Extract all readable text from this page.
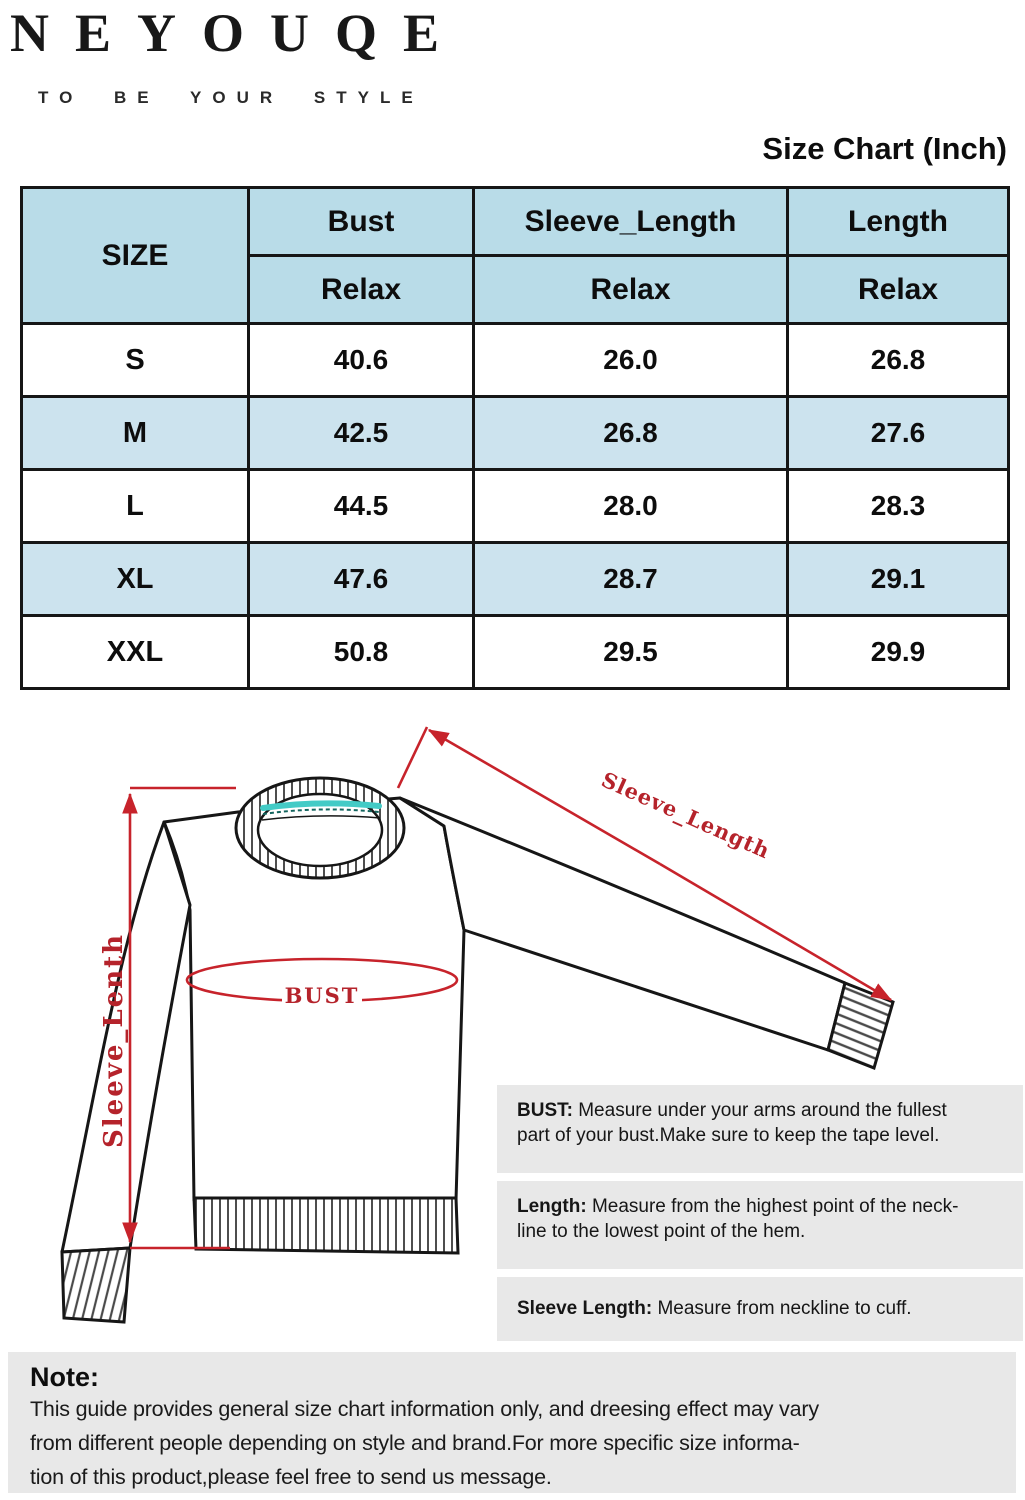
NEYOUQE
TO BE YOUR STYLE
Size Chart (Inch)
SIZE	Bust	Sleeve_Length	Length
	Relax	Relax	Relax
S	40.6	26.0	26.8
M	42.5	26.8	27.6
L	44.5	28.0	28.3
XL	47.6	28.7	29.1
XXL	50.8	29.5	29.9
Sleeve_Length
Sleeve_Lenth	BUST
BUST: Measure under your arms around the fullest
part of your bust.Make sure to keep the tape level.
Length: Measure from the highest point of the neck-
line to the lowest point of the hem.
Sleeve Length: Measure from neckline to cuff.
Note:
This guide provides general size chart information only, and dreesing effect may vary
from different people depending on style and brand.For more specific size informa-
tion of this product,please feel free to send us message.
